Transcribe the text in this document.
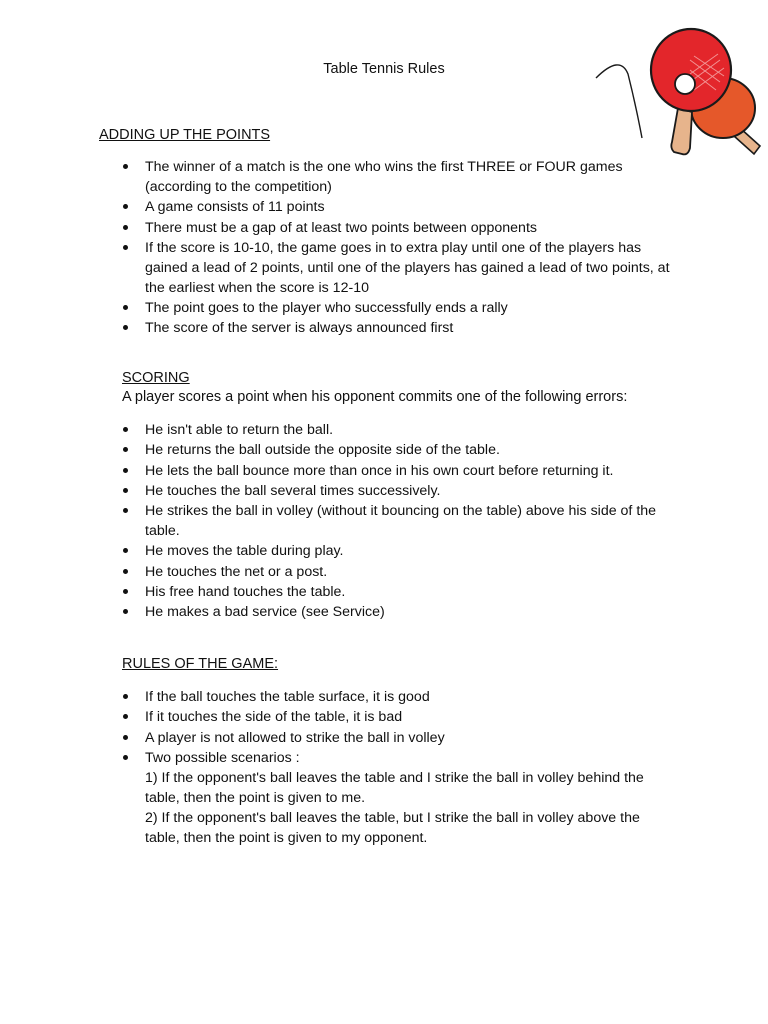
Table Tennis Rules
ADDING UP THE POINTS
The winner of a match is the one who wins the first THREE or FOUR games (according to the competition)
A game consists of 11 points
There must be a gap of at least two points between opponents
If the score is 10-10, the game goes in to extra play until one of the players has gained a lead of 2 points, until one of the players has gained a lead of two points, at the earliest when the score is 12-10
The point goes to the player who successfully ends a rally
The score of the server is always announced first
SCORING
A player scores a point when his opponent commits one of the following errors:
He isn't able to return the ball.
He returns the ball outside the opposite side of the table.
He lets the ball bounce more than once in his own court before returning it.
He touches the ball several times successively.
He strikes the ball in volley (without it bouncing on the table) above his side of the table.
He moves the table during play.
He touches the net or a post.
His free hand touches the table.
He makes a bad service (see Service)
RULES OF THE GAME:
If the ball touches the table surface, it is good
If it touches the side of the table, it is bad
A player is not allowed to strike the ball in volley
Two possible scenarios :
1) If the opponent's ball leaves the table and I strike the ball in volley behind the table, then the point is given to me.
2) If the opponent's ball leaves the table, but I strike the ball in volley above the table, then the point is given to my opponent.
